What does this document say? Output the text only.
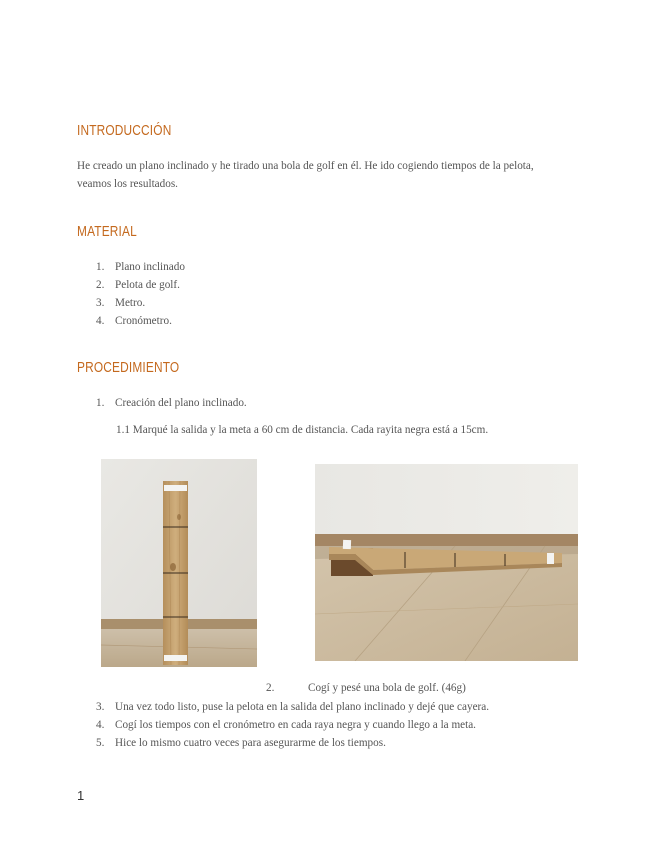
INTRODUCCIÓN

He creado un plano inclinado y he tirado una bola de golf en él. He ido cogiendo tiempos de la pelota,
veamos los resultados.

MATERIAL
1. Plano inclinado
2. Pelota de golf.
3. Metro.
4. Cronómetro.
PROCEDIMIENTO
1. Creación del plano inclinado.

1.1 Marqué la salida y la meta a 60 cm de distancia. Cada rayita negra está a 15cm.

2.	Cogí y pesé una bola de golf. (46g)
3. Una vez todo listo, puse la pelota en la salida del plano inclinado y dejé que cayera.
4. Cogí los tiempos con el cronómetro en cada raya negra y cuando llego a la meta.
5. Hice lo mismo cuatro veces para asegurarme de los tiempos.
1
